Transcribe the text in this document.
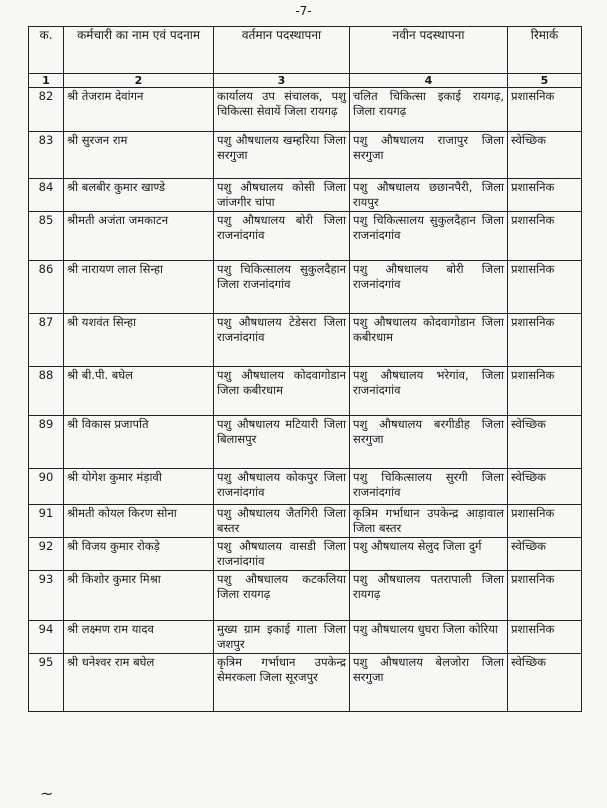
-7-
क.	कर्मचारी का नाम एवं पदनाम	वर्तमान पदस्थापना	नवीन पदस्थापना	रिमार्क
1	2	3	4	5
82	श्री तेजराम देवांगन	कार्यालय उप संचालक, पशु चिकित्सा सेवायें जिला रायगढ़	चलित चिकित्सा इकाई रायगढ़, जिला रायगढ़	प्रशासनिक
83	श्री सुरजन राम	पशु औषधालय खम्हरिया जिला सरगुजा	पशु औषधालय राजापुर जिला सरगुजा	स्वेच्छिक
84	श्री बलबीर कुमार खाण्डे	पशु औषधालय कोसी जिला जांजगीर चांपा	पशु औषधालय छछानपैरी, जिला रायपुर	प्रशासनिक
85	श्रीमती अजंता जमकाटन	पशु औषधालय बोरी जिला राजनांदगांव	पशु चिकित्सालय सुकुलदैहान जिला राजनांदगांव	प्रशासनिक
86	श्री नारायण लाल सिन्हा	पशु चिकित्सालय सुकुलदैहान जिला राजनांदगांव	पशु औषधालय बोरी जिला राजनांदगांव	प्रशासनिक
87	श्री यशवंत सिन्हा	पशु औषधालय टेडेसरा जिला राजनांदगांव	पशु औषधालय कोदवागोडान जिला कबीरधाम	प्रशासनिक
88	श्री बी.पी. बघेल	पशु औषधालय कोदवागोडान जिला कबीरधाम	पशु औषधालय भरेगांव, जिला राजनांदगांव	प्रशासनिक
89	श्री विकास प्रजापति	पशु औषधालय मटियारी जिला बिलासपुर	पशु औषधालय बरगीडीह जिला सरगुजा	स्वेच्छिक
90	श्री योगेश कुमार मंड़ावी	पशु औषधालय कोकपुर जिला राजनांदगांव	पशु चिकित्सालय सुरगी जिला राजनांदगांव	स्वेच्छिक
91	श्रीमती कोयल किरण सोना	पशु औषधालय जैतगिरी जिला बस्तर	कृत्रिम गर्भाधान उपकेन्द्र आड़ावाल जिला बस्तर	प्रशासनिक
92	श्री विजय कुमार रोकड़े	पशु औषधालय वासडी जिला राजनांदगांव	पशु औषधालय सेलुद जिला दुर्ग	स्वेच्छिक
93	श्री किशोर कुमार मिश्रा	पशु औषधालय कटकलिया जिला रायगढ़	पशु औषधालय पतरापाली जिला रायगढ़	प्रशासनिक
94	श्री लक्ष्मण राम यादव	मुख्य ग्राम इकाई गाला जिला जशपुर	पशु औषधालय धुघरा जिला कोरिया	प्रशासनिक
95	श्री धनेश्वर राम बघेल	कृत्रिम गर्भाधान उपकेन्द्र सेमरकला जिला सूरजपुर	पशु औषधालय बेलजोरा जिला सरगुजा	स्वेच्छिक
~
